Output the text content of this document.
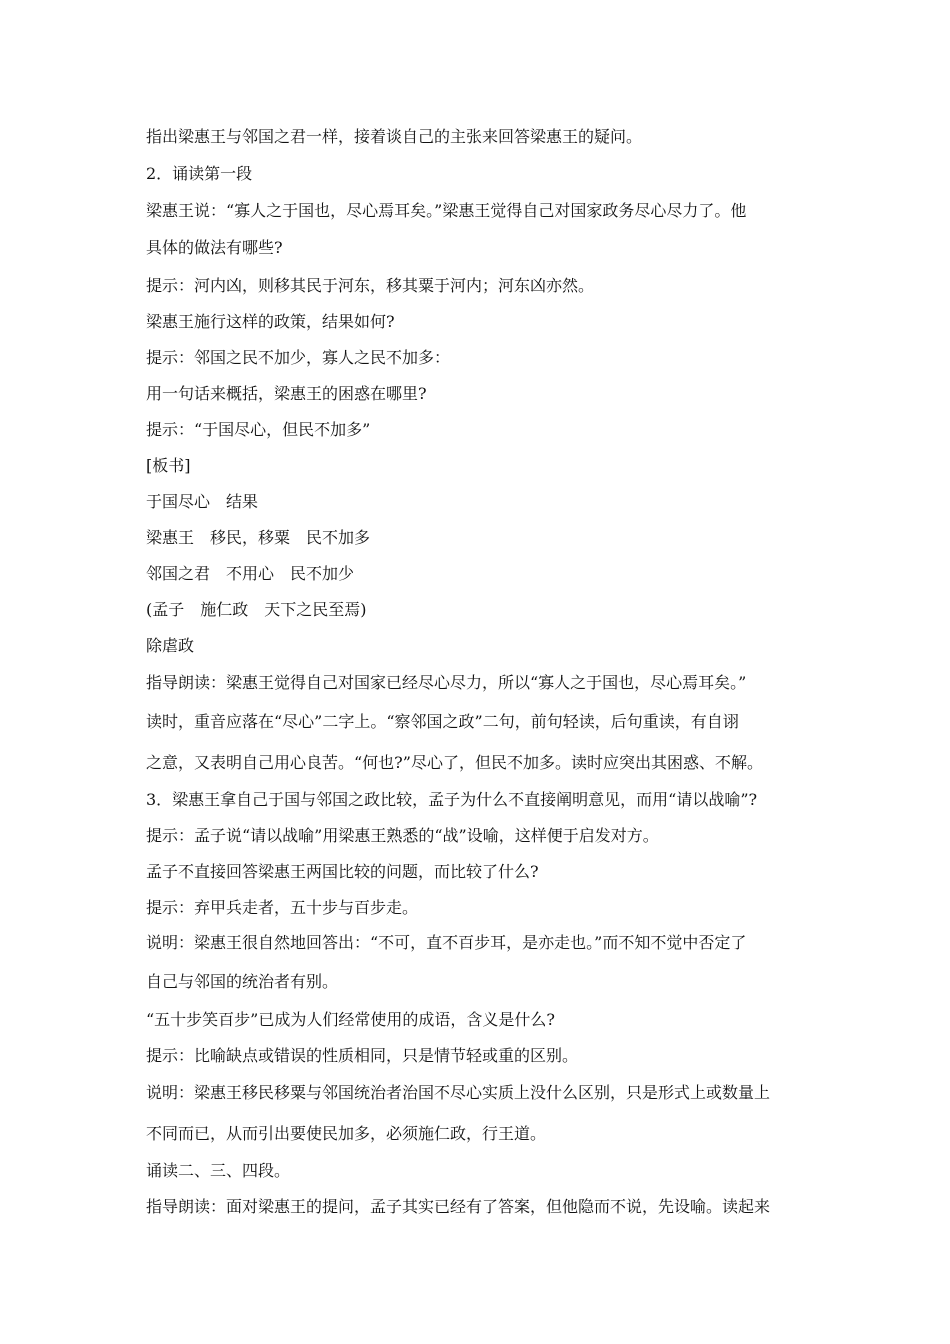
指出梁惠王与邻国之君一样，接着谈自己的主张来回答梁惠王的疑问。
2．诵读第一段
梁惠王说：“寡人之于国也，尽心焉耳矣。”梁惠王觉得自己对国家政务尽心尽力了。他
具体的做法有哪些?
提示：河内凶，则移其民于河东，移其粟于河内；河东凶亦然。
梁惠王施行这样的政策，结果如何?
提示：邻国之民不加少，寡人之民不加多：
用一句话来概括，梁惠王的困惑在哪里?
提示：“于国尽心，但民不加多”
[板书]
于国尽心　结果
梁惠王　移民，移粟　民不加多
邻国之君　不用心　民不加少
(孟子　施仁政　天下之民至焉)
除虐政
指导朗读：梁惠王觉得自己对国家已经尽心尽力，所以“寡人之于国也，尽心焉耳矣。”
读时，重音应落在“尽心”二字上。“察邻国之政”二句，前句轻读，后句重读，有自诩
之意，又表明自己用心良苦。“何也?”尽心了，但民不加多。读时应突出其困惑、不解。
3．梁惠王拿自己于国与邻国之政比较，孟子为什么不直接阐明意见，而用“请以战喻”?
提示：孟子说“请以战喻”用梁惠王熟悉的“战”设喻，这样便于启发对方。
孟子不直接回答梁惠王两国比较的问题，而比较了什么?
提示：弃甲兵走者，五十步与百步走。
说明：梁惠王很自然地回答出：“不可，直不百步耳，是亦走也。”而不知不觉中否定了
自己与邻国的统治者有别。
“五十步笑百步”已成为人们经常使用的成语，含义是什么?
提示：比喻缺点或错误的性质相同，只是情节轻或重的区别。
说明：梁惠王移民移粟与邻国统治者治国不尽心实质上没什么区别，只是形式上或数量上
不同而已，从而引出要使民加多，必须施仁政，行王道。
诵读二、三、四段。
指导朗读：面对梁惠王的提问，孟子其实已经有了答案，但他隐而不说，先设喻。读起来
